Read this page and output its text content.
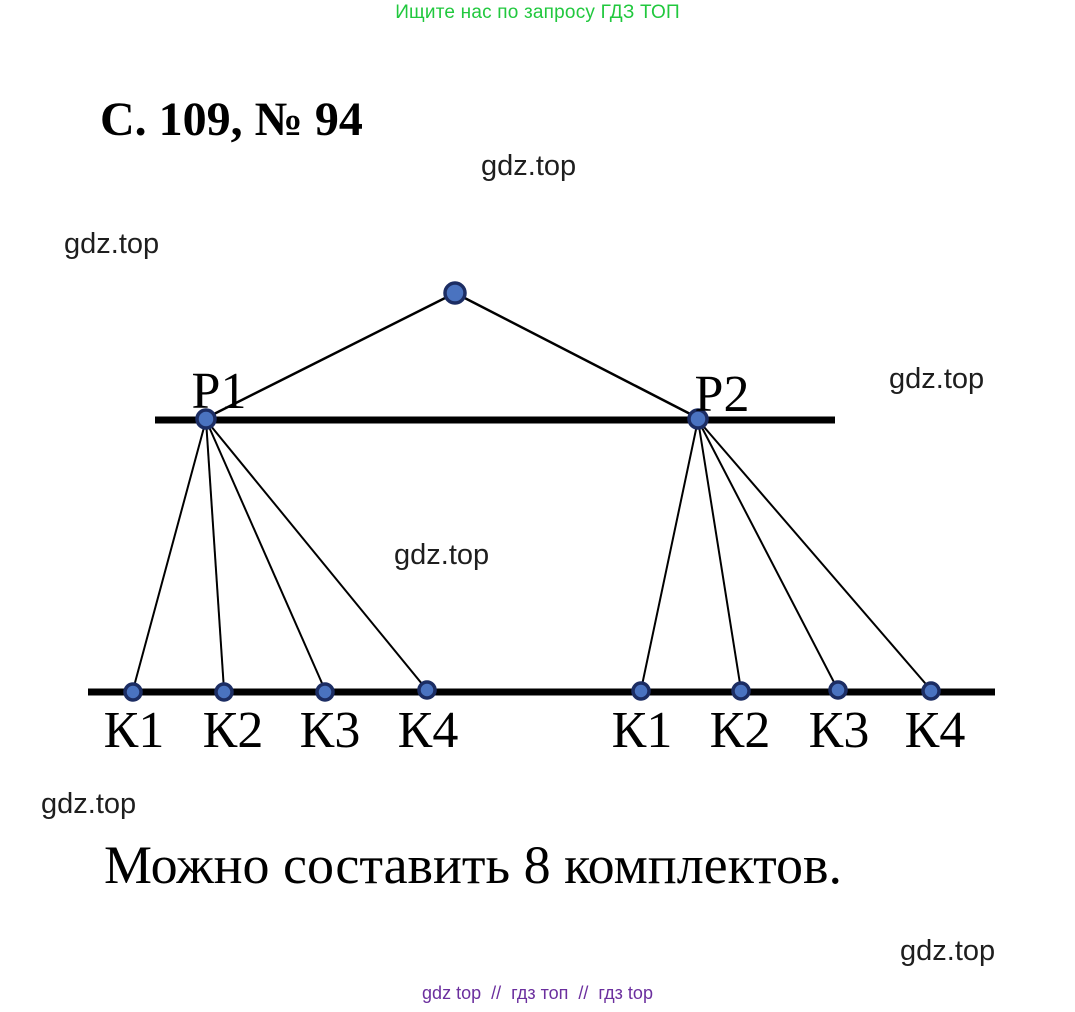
Ищите нас по запросу ГДЗ ТОП
С. 109, № 94
gdz.top
gdz.top
gdz.top
gdz.top
gdz.top
gdz.top
Р1	Р2
К1 К2 К3 К4	К1 К2 К3 К4

Можно составить 8 комплектов.

gdz top  //  гдз топ  //  гдз top
